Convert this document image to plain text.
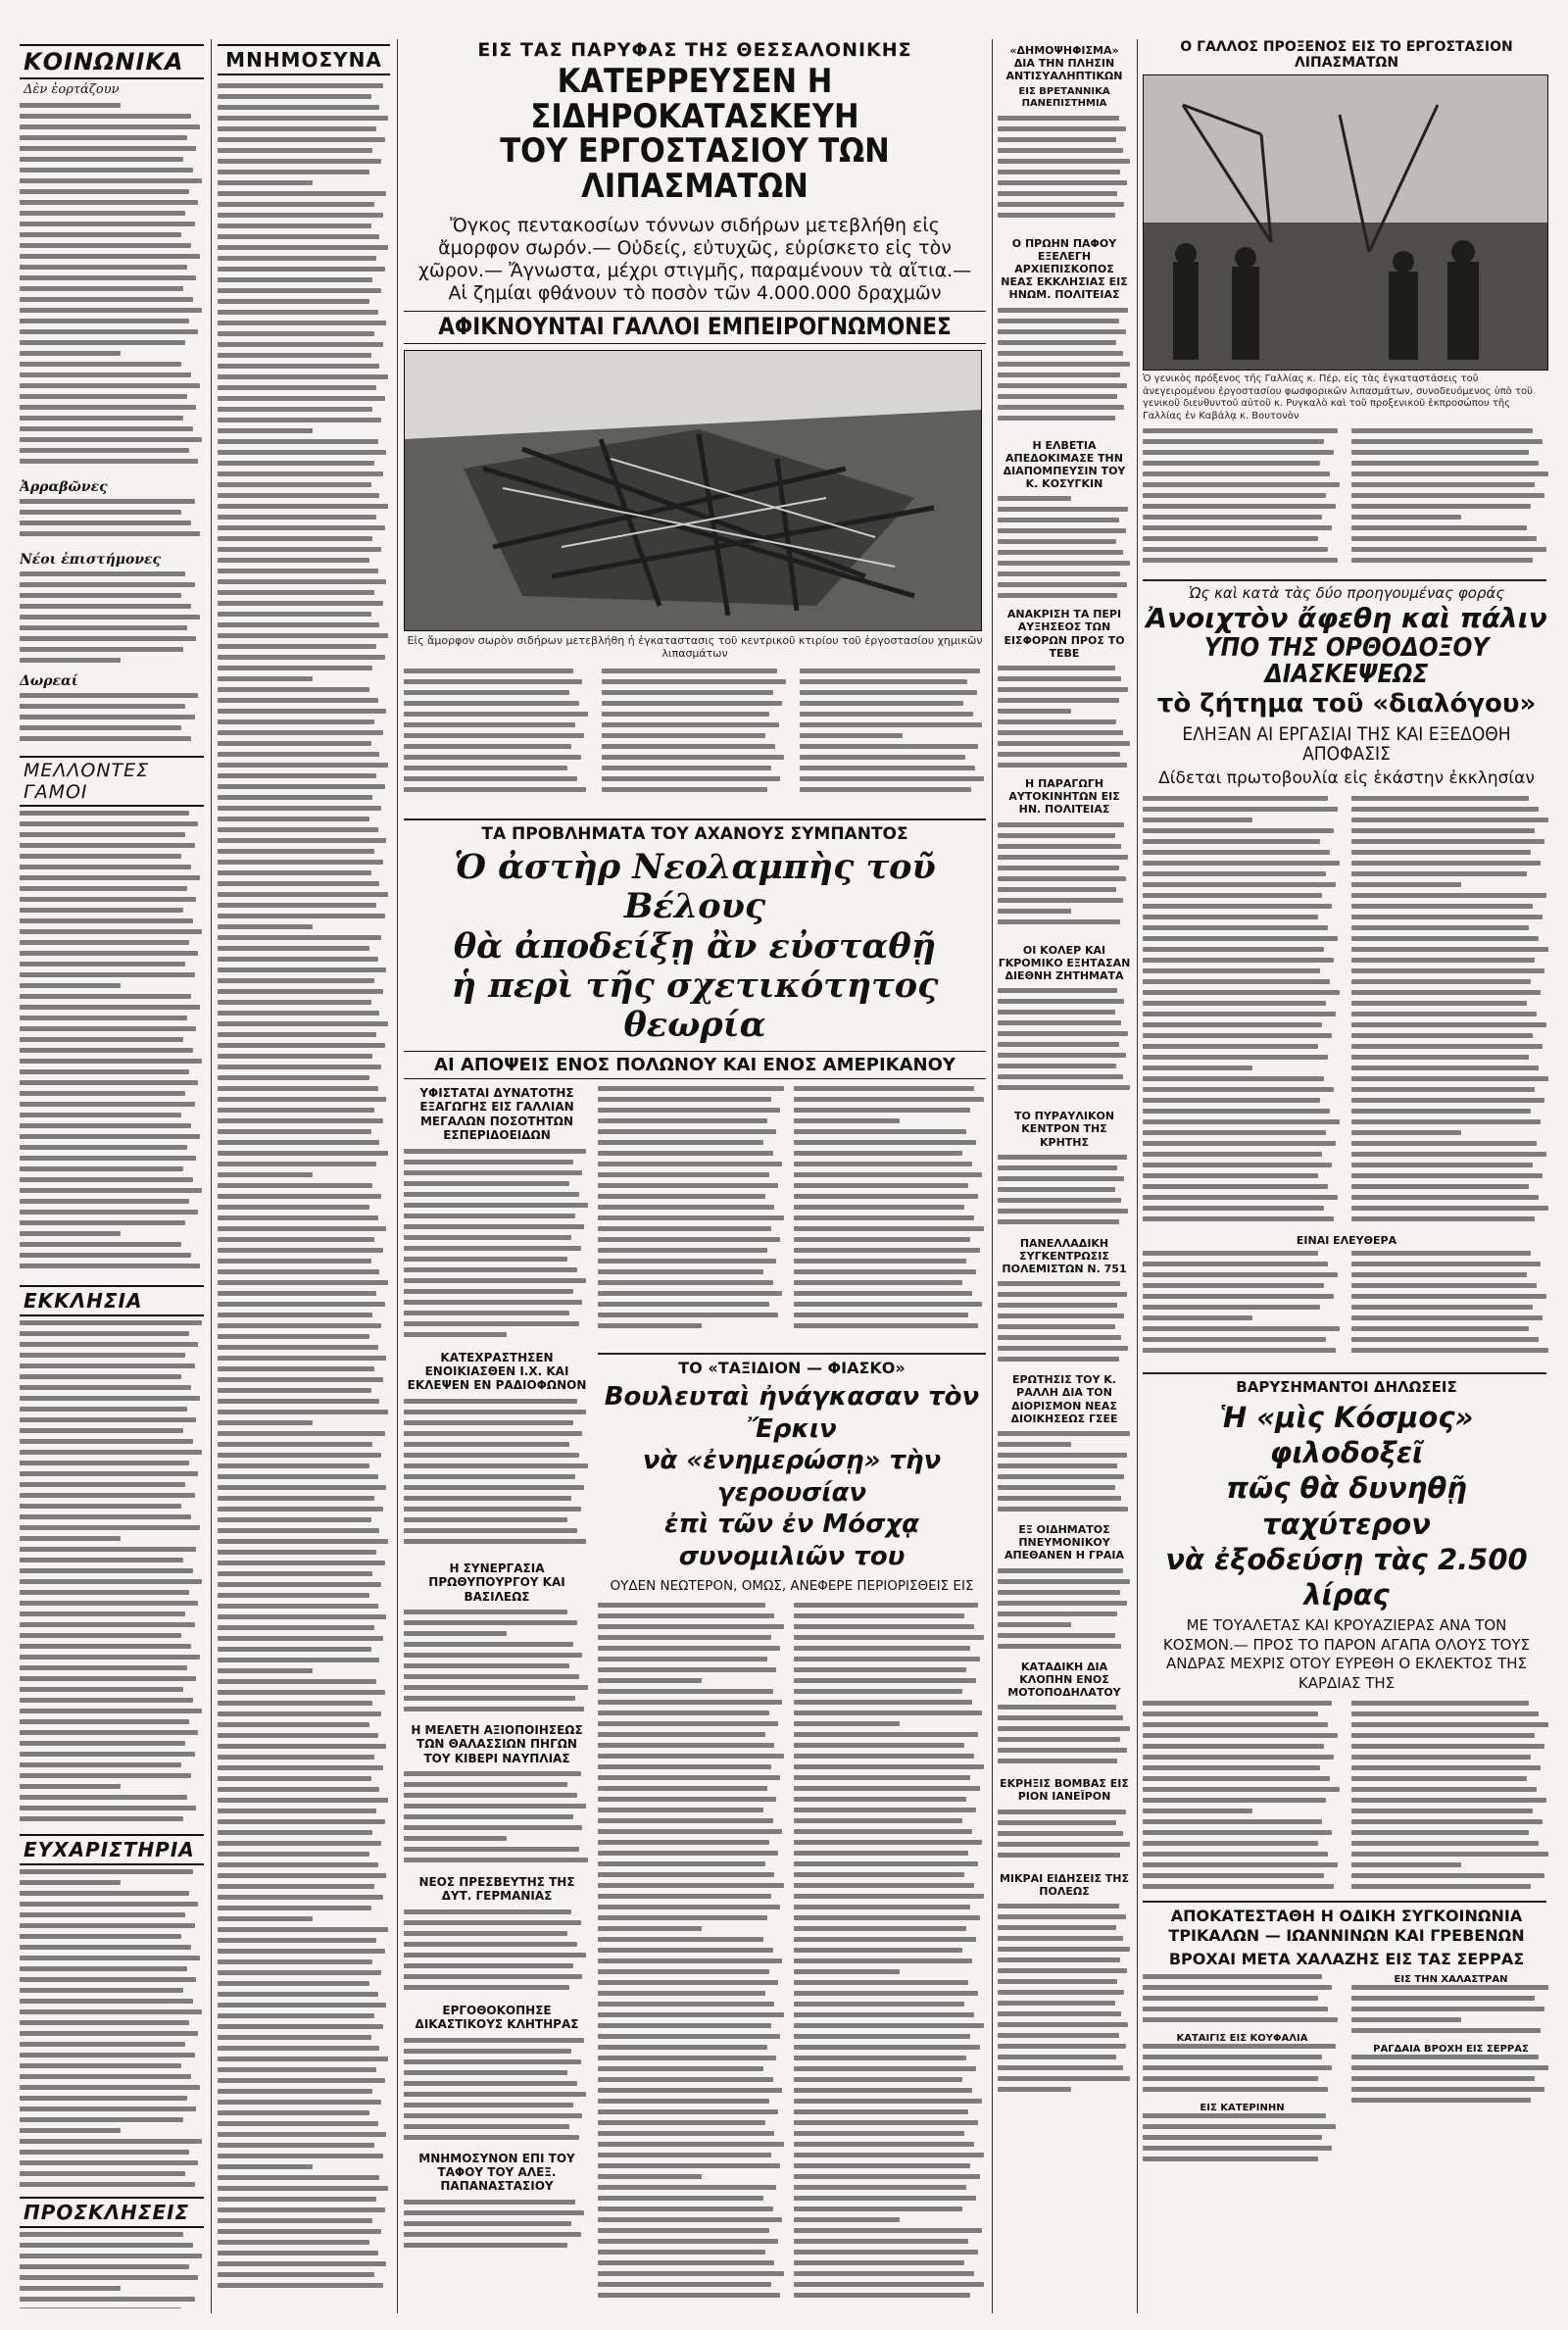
ΚΟΙΝΩΝΙΚΑ
Δὲν ἑορτάζουν
Ἀρραβῶνες
Νέοι ἐπιστήμονες
Δωρεαί
ΜΕΛΛΟΝΤΕΣ ΓΑΜΟΙ
ΕΚΚΛΗΣΙΑ
ΕΥΧΑΡΙΣΤΗΡΙΑ
ΠΡΟΣΚΛΗΣΕΙΣ
ΜΝΗΜΟΣΥΝΑ	ΕΙΣ ΤΑΣ ΠΑΡΥΦΑΣ ΤΗΣ ΘΕΣΣΑΛΟΝΙΚΗΣ
ΚΑΤΕΡΡΕΥΣΕΝ Η ΣΙΔΗΡΟΚΑΤΑΣΚΕΥΗ
ΤΟΥ ΕΡΓΟΣΤΑΣΙΟΥ ΤΩΝ ΛΙΠΑΣΜΑΤΩΝ
Ὄγκος πεντακοσίων τόννων σιδήρων μετεβλήθη εἰς ἄμορφον σωρόν.— Οὐδείς, εὐτυχῶς, εὑρίσκετο εἰς τὸν χῶρον.— Ἄγνωστα, μέχρι στιγμῆς, παραμένουν τὰ αἴτια.— Αἱ ζημίαι φθάνουν τὸ ποσὸν τῶν 4.000.000 δραχμῶν
ΑΦΙΚΝΟΥΝΤΑΙ ΓΑΛΛΟΙ ΕΜΠΕΙΡΟΓΝΩΜΟΝΕΣ
Εἰς ἄμορφον σωρὸν σιδήρων μετεβλήθη ἡ ἐγκαταστασις τοῦ κεντρικοῦ κτιρίου τοῦ ἐργοστασίου χημικῶν λιπασμάτων
ΤΑ ΠΡΟΒΛΗΜΑΤΑ ΤΟΥ ΑΧΑΝΟΥΣ ΣΥΜΠΑΝΤΟΣ
Ὁ ἀστὴρ Νεολαμπὴς τοῦ Βέλους
θὰ ἀποδείξῃ ἂν εὐσταθῇ
ἡ περὶ τῆς σχετικότητος θεωρία
ΑΙ ΑΠΟΨΕΙΣ ΕΝΟΣ ΠΟΛΩΝΟΥ ΚΑΙ ΕΝΟΣ ΑΜΕΡΙΚΑΝΟΥ
ΥΦΙΣΤΑΤΑΙ ΔΥΝΑΤΟΤΗΣ ΕΞΑΓΩΓΗΣ ΕΙΣ ΓΑΛΛΙΑΝ ΜΕΓΑΛΩΝ ΠΟΣΟΤΗΤΩΝ ΕΣΠΕΡΙΔΟΕΙΔΩΝ
ΚΑΤΕΧΡΑΣΤΗΣΕΝ ΕΝΟΙΚΙΑΣΘΕΝ Ι.Χ. ΚΑΙ ΕΚΛΕΨΕΝ ΕΝ ΡΑΔΙΟΦΩΝΟΝ
Η ΣΥΝΕΡΓΑΣΙΑ ΠΡΩΘΥΠΟΥΡΓΟΥ ΚΑΙ ΒΑΣΙΛΕΩΣ
Η ΜΕΛΕΤΗ ΑΞΙΟΠΟΙΗΣΕΩΣ ΤΩΝ ΘΑΛΑΣΣΙΩΝ ΠΗΓΩΝ ΤΟΥ ΚΙΒΕΡΙ ΝΑΥΠΛΙΑΣ
ΝΕΟΣ ΠΡΕΣΒΕΥΤΗΣ ΤΗΣ ΔΥΤ. ΓΕΡΜΑΝΙΑΣ
ΕΡΓΟΘΟΚΟΠΗΣΕ ΔΙΚΑΣΤΙΚΟΥΣ ΚΛΗΤΗΡΑΣ
ΜΝΗΜΟΣΥΝΟΝ ΕΠΙ ΤΟΥ ΤΑΦΟΥ ΤΟΥ ΑΛΕΞ. ΠΑΠΑΝΑΣΤΑΣΙΟΥ
ΤΟ «ΤΑΞΙΔΙΟΝ — ΦΙΑΣΚΟ»
Βουλευταὶ ἠνάγκασαν τὸν Ἔρκιν
νὰ «ἐνημερώσῃ» τὴν γερουσίαν
ἐπὶ τῶν ἐν Μόσχᾳ συνομιλιῶν του
ΟΥΔΕΝ ΝΕΩΤΕΡΟΝ, ΟΜΩΣ, ΑΝΕΦΕΡΕ ΠΕΡΙΟΡΙΣΘΕΙΣ ΕΙΣ
«ΔΗΜΟΨΗΦΙΣΜΑ» ΔΙΑ ΤΗΝ ΠΛΗΣΙΝ ΑΝΤΙΣΥΑΛΗΠΤΙΚΩΝ
ΕΙΣ ΒΡΕΤΑΝΝΙΚΑ ΠΑΝΕΠΙΣΤΗΜΙΑ
Ο ΠΡΩΗΝ ΠΑΦΟΥ ΕΞΕΛΕΓΗ ΑΡΧΙΕΠΙΣΚΟΠΟΣ ΝΕΑΣ ΕΚΚΛΗΣΙΑΣ ΕΙΣ ΗΝΩΜ. ΠΟΛΙΤΕΙΑΣ
Η ΕΛΒΕΤΙΑ ΑΠΕΔΟΚΙΜΑΣΕ ΤΗΝ ΔΙΑΠΟΜΠΕΥΣΙΝ ΤΟΥ Κ. ΚΟΣΥΓΚΙΝ
ΑΝΑΚΡΙΣΗ ΤΑ ΠΕΡΙ ΑΥΞΗΣΕΟΣ ΤΩΝ ΕΙΣΦΟΡΩΝ ΠΡΟΣ ΤΟ ΤΕΒΕ
Η ΠΑΡΑΓΩΓΗ ΑΥΤΟΚΙΝΗΤΩΝ ΕΙΣ ΗΝ. ΠΟΛΙΤΕΙΑΣ
ΟΙ ΚΟΛΕΡ ΚΑΙ ΓΚΡΟΜΙΚΟ ΕΞΗΤΑΣΑΝ ΔΙΕΘΝΗ ΖΗΤΗΜΑΤΑ
ΤΟ ΠΥΡΑΥΛΙΚΟΝ ΚΕΝΤΡΟΝ ΤΗΣ ΚΡΗΤΗΣ
ΠΑΝΕΛΛΑΔΙΚΗ ΣΥΓΚΕΝΤΡΩΣΙΣ ΠΟΛΕΜΙΣΤΩΝ Ν. 751
ΕΡΩΤΗΣΙΣ ΤΟΥ Κ. ΡΑΛΛΗ ΔΙΑ ΤΟΝ ΔΙΟΡΙΣΜΟΝ ΝΕΑΣ ΔΙΟΙΚΗΣΕΩΣ ΓΣΕΕ
ΕΞ ΟΙΔΗΜΑΤΟΣ ΠΝΕΥΜΟΝΙΚΟΥ ΑΠΕΘΑΝΕΝ Η ΓΡΑΙΑ
ΚΑΤΑΔΙΚΗ ΔΙΑ ΚΛΟΠΗΝ ΕΝΟΣ ΜΟΤΟΠΟΔΗΛΑΤΟΥ
ΕΚΡΗΞΙΣ ΒΟΜΒΑΣ ΕΙΣ ΡΙΟΝ ΙΑΝΕΪΡΟΝ
ΜΙΚΡΑΙ ΕΙΔΗΣΕΙΣ ΤΗΣ ΠΟΛΕΩΣ
Ο ΓΑΛΛΟΣ ΠΡΟΞΕΝΟΣ ΕΙΣ ΤΟ ΕΡΓΟΣΤΑΣΙΟΝ ΛΙΠΑΣΜΑΤΩΝ
Ὁ γενικὸς πρόξενος τῆς Γαλλίας κ. Πέρ, εἰς τὰς ἐγκαταστάσεις τοῦ ἀνεγειρομένου ἐργοστασίου φωσφορικῶν λιπασμάτων, συνοδευόμενος ὑπὸ τοῦ γενικοῦ διευθυντοῦ αὐτοῦ κ. Ρυγκαλὸ καὶ τοῦ προξενικοῦ ἐκπροσώπου τῆς Γαλλίας ἐν Καβάλᾳ κ. Βουτονὸν
Ὡς καὶ κατὰ τὰς δύο προηγουμένας φοράς
Ἀνοιχτὸν ἄφεθη καὶ πάλιν
ΥΠΟ ΤΗΣ ΟΡΘΟΔΟΞΟΥ ΔΙΑΣΚΕΨΕΩΣ
τὸ ζήτημα τοῦ «διαλόγου»
ΕΛΗΞΑΝ ΑΙ ΕΡΓΑΣΙΑΙ ΤΗΣ ΚΑΙ ΕΞΕΔΟΘΗ ΑΠΟΦΑΣΙΣ
Δίδεται πρωτοβουλία εἰς ἑκάστην ἐκκλησίαν
ΕΙΝΑΙ ΕΛΕΥΘΕΡΑ
ΒΑΡΥΣΗΜΑΝΤΟΙ ΔΗΛΩΣΕΙΣ
Ἡ «μὶς Κόσμος» φιλοδοξεῖ
πῶς θὰ δυνηθῇ ταχύτερον
νὰ ἐξοδεύσῃ τὰς 2.500 λίρας
ΜΕ ΤΟΥΑΛΕΤΑΣ ΚΑΙ ΚΡΟΥΑΖΙΕΡΑΣ ΑΝΑ ΤΟΝ ΚΟΣΜΟΝ.— ΠΡΟΣ ΤΟ ΠΑΡΟΝ ΑΓΑΠΑ ΟΛΟΥΣ ΤΟΥΣ ΑΝΔΡΑΣ ΜΕΧΡΙΣ ΟΤΟΥ ΕΥΡΕΘΗ Ο ΕΚΛΕΚΤΟΣ ΤΗΣ ΚΑΡΔΙΑΣ ΤΗΣ
ΑΠΟΚΑΤΕΣΤΑΘΗ Η ΟΔΙΚΗ ΣΥΓΚΟΙΝΩΝΙΑ ΤΡΙΚΑΛΩΝ — ΙΩΑΝΝΙΝΩΝ ΚΑΙ ΓΡΕΒΕΝΩΝ
ΒΡΟΧΑΙ ΜΕΤΑ ΧΑΛΑΖΗΣ ΕΙΣ ΤΑΣ ΣΕΡΡΑΣ
ΚΑΤΑΙΓΙΣ ΕΙΣ ΚΟΥΦΑΛΙΑ
ΕΙΣ ΚΑΤΕΡΙΝΗΝ
ΕΙΣ ΤΗΝ ΧΑΛΑΣΤΡΑΝ
ΡΑΓΔΑΙΑ ΒΡΟΧΗ ΕΙΣ ΣΕΡΡΑΣ
